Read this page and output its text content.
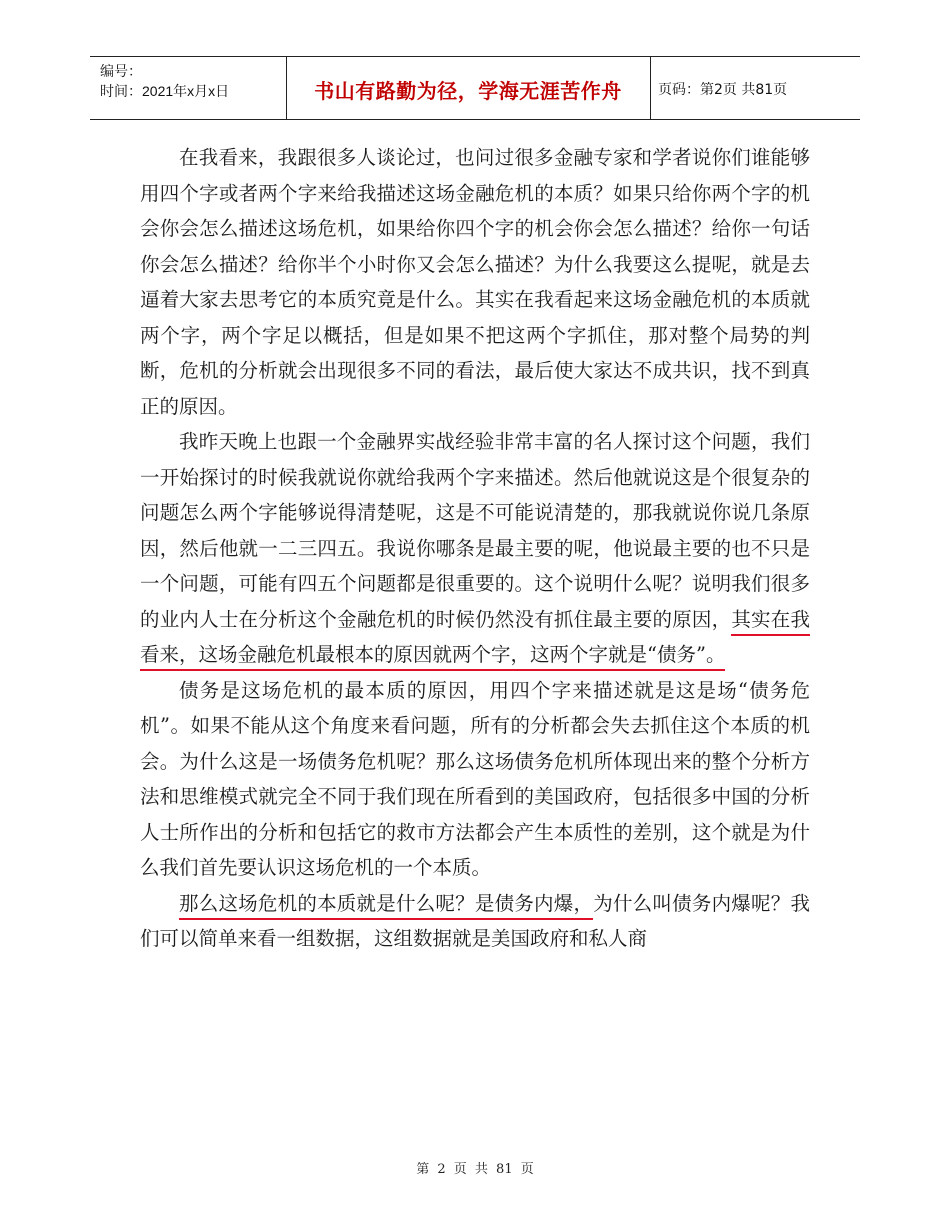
编号：
时间：2021年x月x日	书山有路勤为径，学海无涯苦作舟	页码：第2页 共81页

在我看来，我跟很多人谈论过，也问过很多金融专家和学者说你们谁能够用四个字或者两个字来给我描述这场金融危机的本质？如果只给你两个字的机会你会怎么描述这场危机，如果给你四个字的机会你会怎么描述？给你一句话你会怎么描述？给你半个小时你又会怎么描述？为什么我要这么提呢，就是去逼着大家去思考它的本质究竟是什么。其实在我看起来这场金融危机的本质就两个字，两个字足以概括，但是如果不把这两个字抓住，那对整个局势的判断，危机的分析就会出现很多不同的看法，最后使大家达不成共识，找不到真正的原因。

我昨天晚上也跟一个金融界实战经验非常丰富的名人探讨这个问题，我们一开始探讨的时候我就说你就给我两个字来描述。然后他就说这是个很复杂的问题怎么两个字能够说得清楚呢，这是不可能说清楚的，那我就说你说几条原因，然后他就一二三四五。我说你哪条是最主要的呢，他说最主要的也不只是一个问题，可能有四五个问题都是很重要的。这个说明什么呢？说明我们很多的业内人士在分析这个金融危机的时候仍然没有抓住最主要的原因，其实在我看来，这场金融危机最根本的原因就两个字，这两个字就是“债务”。

债务是这场危机的最本质的原因，用四个字来描述就是这是场“债务危机”。如果不能从这个角度来看问题，所有的分析都会失去抓住这个本质的机会。为什么这是一场债务危机呢？那么这场债务危机所体现出来的整个分析方法和思维模式就完全不同于我们现在所看到的美国政府，包括很多中国的分析人士所作出的分析和包括它的救市方法都会产生本质性的差别，这个就是为什么我们首先要认识这场危机的一个本质。

那么这场危机的本质就是什么呢？是债务内爆，为什么叫债务内爆呢？我们可以简单来看一组数据，这组数据就是美国政府和私人商

第 2 页 共 81 页
